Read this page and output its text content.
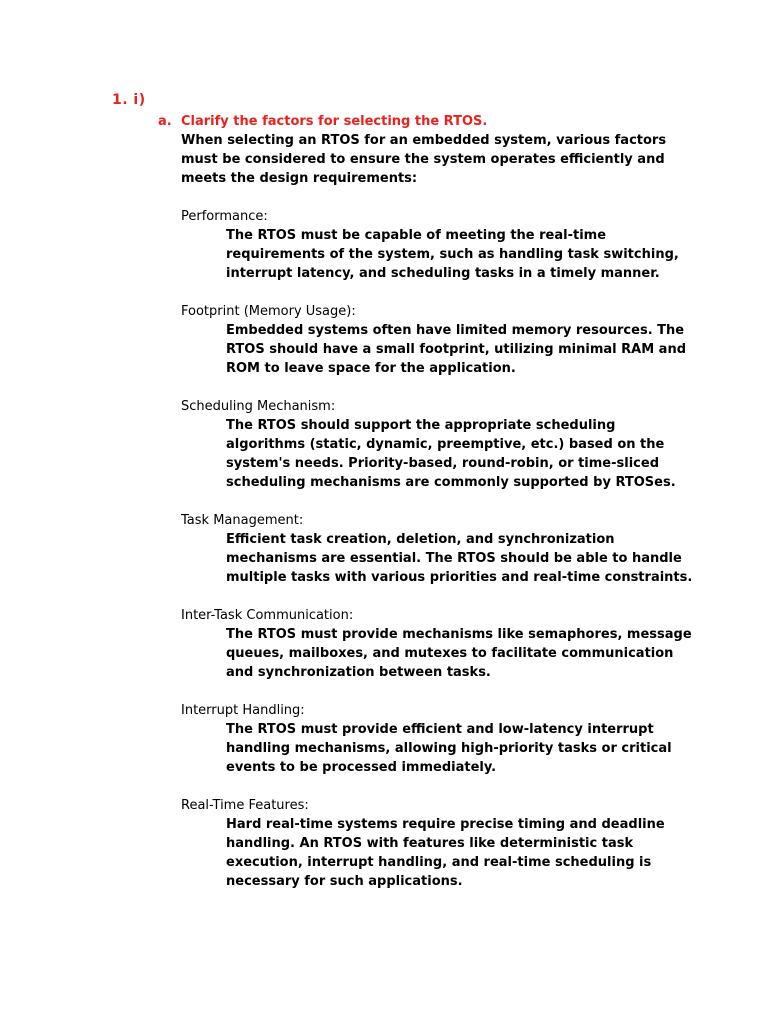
1. i)
a. Clarify the factors for selecting the RTOS.

When selecting an RTOS for an embedded system, various factors must be considered to ensure the system operates efficiently and meets the design requirements:

Performance:

The RTOS must be capable of meeting the real-time requirements of the system, such as handling task switching, interrupt latency, and scheduling tasks in a timely manner.

Footprint (Memory Usage):

Embedded systems often have limited memory resources. The RTOS should have a small footprint, utilizing minimal RAM and ROM to leave space for the application.

Scheduling Mechanism:

The RTOS should support the appropriate scheduling algorithms (static, dynamic, preemptive, etc.) based on the system's needs. Priority-based, round-robin, or time-sliced scheduling mechanisms are commonly supported by RTOSes.

Task Management:

Efficient task creation, deletion, and synchronization mechanisms are essential. The RTOS should be able to handle multiple tasks with various priorities and real-time constraints.

Inter-Task Communication:

The RTOS must provide mechanisms like semaphores, message queues, mailboxes, and mutexes to facilitate communication and synchronization between tasks.

Interrupt Handling:

The RTOS must provide efficient and low-latency interrupt handling mechanisms, allowing high-priority tasks or critical events to be processed immediately.

Real-Time Features:

Hard real-time systems require precise timing and deadline handling. An RTOS with features like deterministic task execution, interrupt handling, and real-time scheduling is necessary for such applications.
